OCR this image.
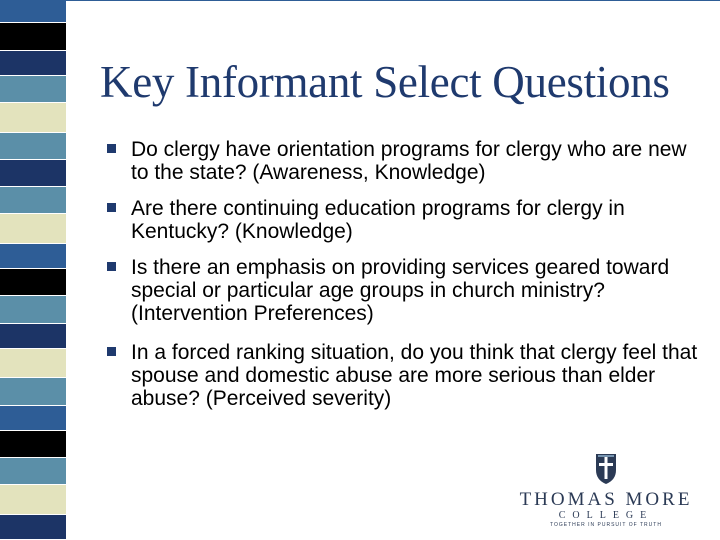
Key Informant Select Questions
Do clergy have orientation programs for clergy who are new to the state? (Awareness, Knowledge)
Are there continuing education programs for clergy in Kentucky? (Knowledge)
Is there an emphasis on providing services geared toward special or particular age groups in church ministry? (Intervention Preferences)
In a forced ranking situation, do you think that clergy feel that spouse and domestic abuse are more serious than elder abuse? (Perceived severity)
THOMAS MORE
COLLEGE
TOGETHER IN PURSUIT OF TRUTH
